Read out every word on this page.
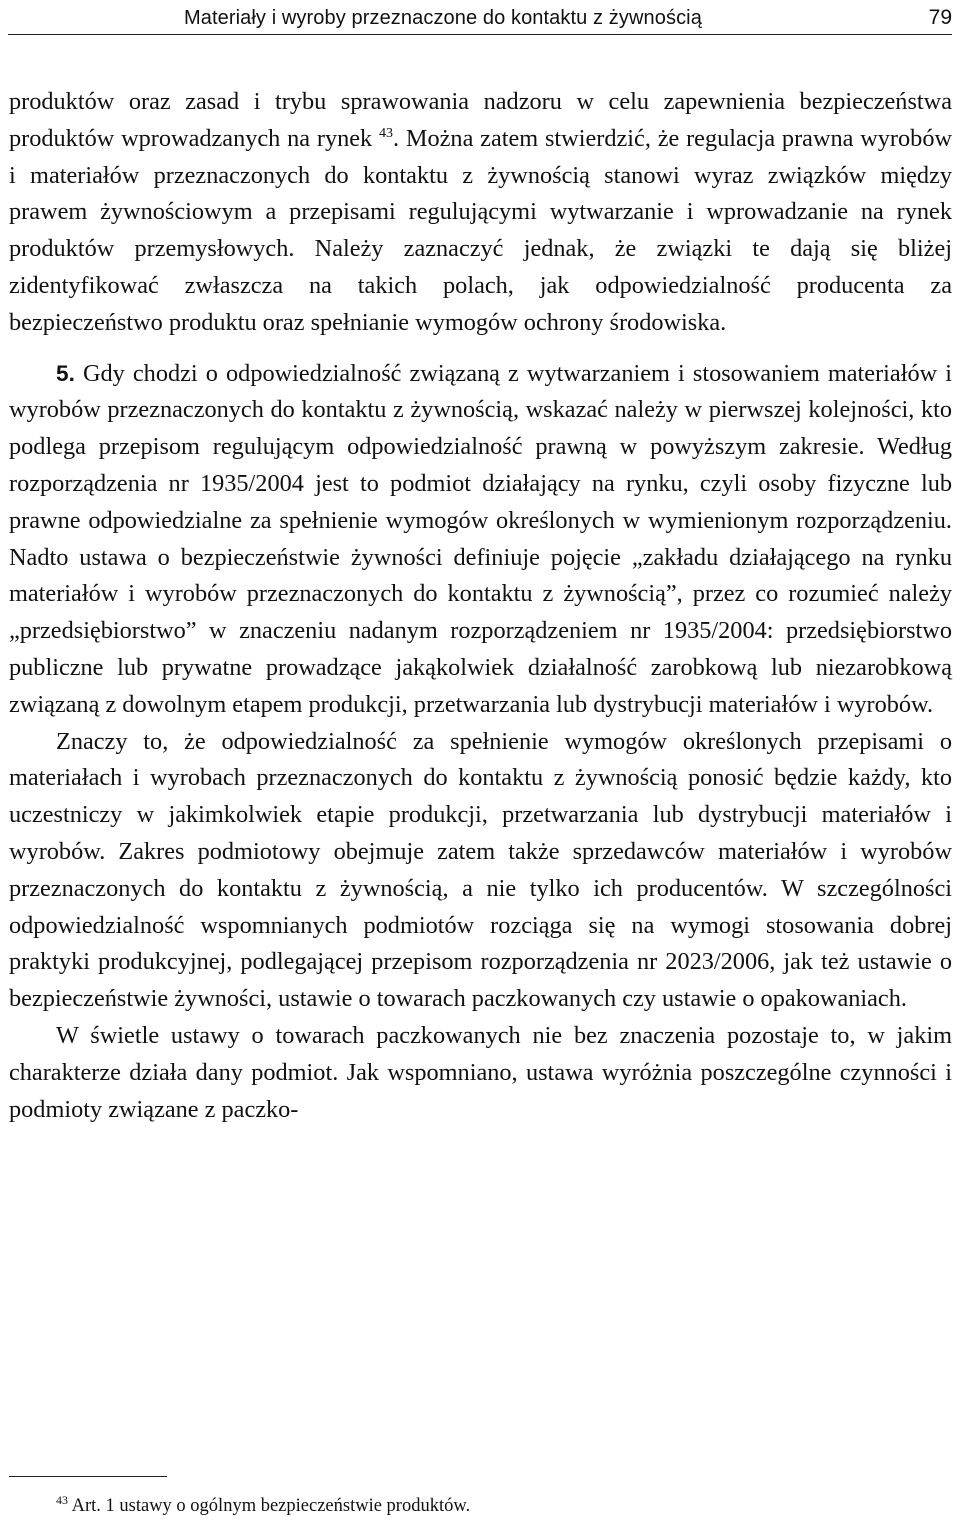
Materiały i wyroby przeznaczone do kontaktu z żywnością	79

produktów oraz zasad i trybu sprawowania nadzoru w celu zapewnienia bezpieczeństwa produktów wprowadzanych na rynek $^{43}$. Można zatem stwierdzić, że regulacja prawna wyrobów i materiałów przeznaczonych do kontaktu z żywnością stanowi wyraz związków między prawem żywnościowym a przepisami regulującymi wytwarzanie i wprowadzanie na rynek produktów przemysłowych. Należy zaznaczyć jednak, że związki te dają się bliżej zidentyfikować zwłaszcza na takich polach, jak odpowiedzialność producenta za bezpieczeństwo produktu oraz spełnianie wymogów ochrony środowiska.

5. Gdy chodzi o odpowiedzialność związaną z wytwarzaniem i stosowaniem materiałów i wyrobów przeznaczonych do kontaktu z żywnością, wskazać należy w pierwszej kolejności, kto podlega przepisom regulującym odpowiedzialność prawną w powyższym zakresie. Według rozporządzenia nr 1935/2004 jest to podmiot działający na rynku, czyli osoby fizyczne lub prawne odpowiedzialne za spełnienie wymogów określonych w wymienionym rozporządzeniu. Nadto ustawa o bezpieczeństwie żywności definiuje pojęcie „zakładu działającego na rynku materiałów i wyrobów przeznaczonych do kontaktu z żywnością”, przez co rozumieć należy „przedsiębiorstwo” w znaczeniu nadanym rozporządzeniem nr 1935/2004: przedsiębiorstwo publiczne lub prywatne prowadzące jakąkolwiek działalność zarobkową lub niezarobkową związaną z dowolnym etapem produkcji, przetwarzania lub dystrybucji materiałów i wyrobów.

Znaczy to, że odpowiedzialność za spełnienie wymogów określonych przepisami o materiałach i wyrobach przeznaczonych do kontaktu z żywnością ponosić będzie każdy, kto uczestniczy w jakimkolwiek etapie produkcji, przetwarzania lub dystrybucji materiałów i wyrobów. Zakres podmiotowy obejmuje zatem także sprzedawców materiałów i wyrobów przeznaczonych do kontaktu z żywnością, a nie tylko ich producentów. W szczególności odpowiedzialność wspomnianych podmiotów rozciąga się na wymogi stosowania dobrej praktyki produkcyjnej, podlegającej przepisom rozporządzenia nr 2023/2006, jak też ustawie o bezpieczeństwie żywności, ustawie o towarach paczkowanych czy ustawie o opakowaniach.

W świetle ustawy o towarach paczkowanych nie bez znaczenia pozostaje to, w jakim charakterze działa dany podmiot. Jak wspomniano, ustawa wyróżnia poszczególne czynności i podmioty związane z paczko-

$^{43}$ Art. 1 ustawy o ogólnym bezpieczeństwie produktów.
